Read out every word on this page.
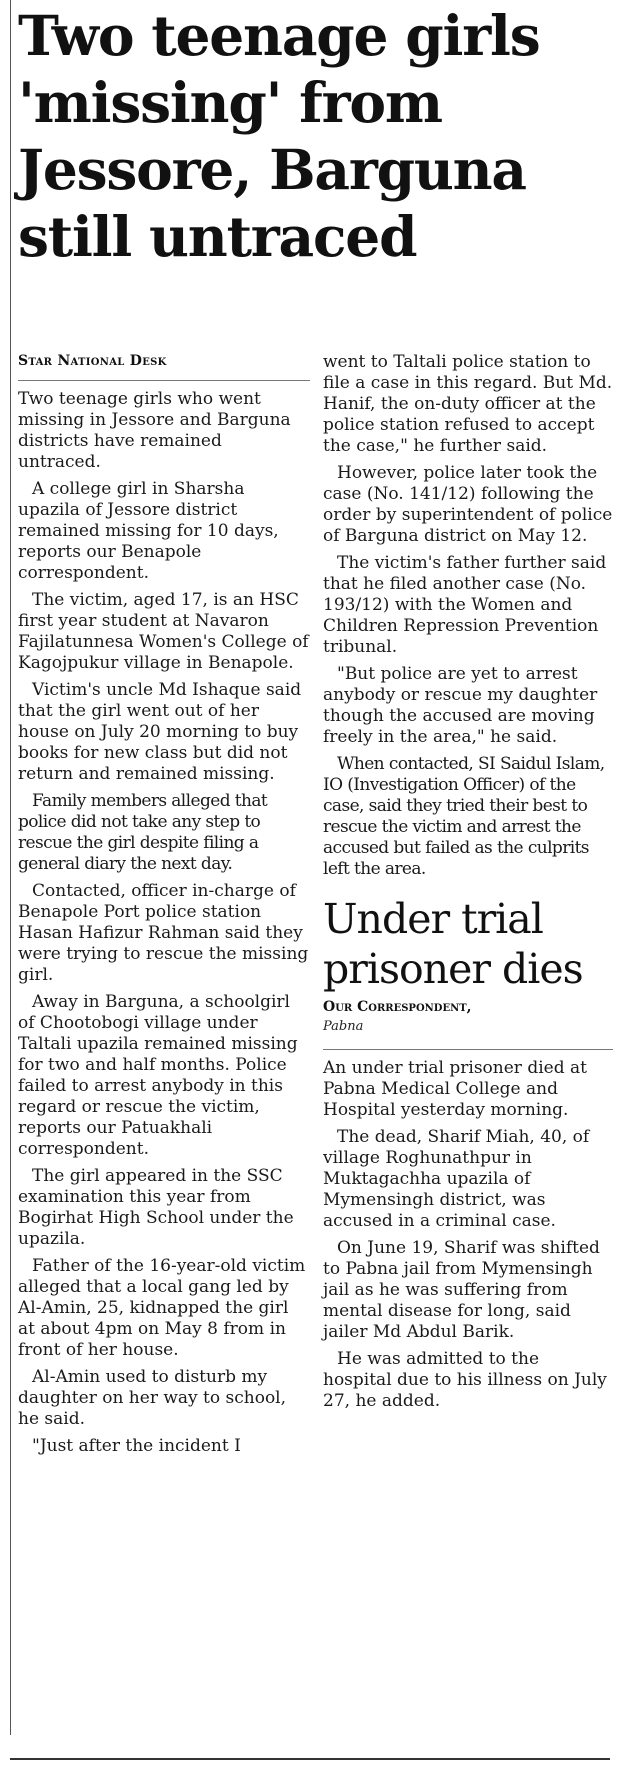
Two teenage girls
'missing' from
Jessore, Barguna
still untraced

Star National Desk

Two teenage girls who went missing in Jessore and Barguna districts have remained untraced.

A college girl in Sharsha upazila of Jessore district remained missing for 10 days, reports our Benapole correspondent.

The victim, aged 17, is an HSC first year student at Navaron Fajilatunnesa Women's College of Kagojpukur village in Benapole.

Victim's uncle Md Ishaque said that the girl went out of her house on July 20 morning to buy books for new class but did not return and remained missing.

Family members alleged that police did not take any step to rescue the girl despite filing a general diary the next day.

Contacted, officer in-charge of Benapole Port police station Hasan Hafizur Rahman said they were trying to rescue the missing girl.

Away in Barguna, a schoolgirl of Chootobogi village under Taltali upazila remained missing for two and half months. Police failed to arrest anybody in this regard or rescue the victim, reports our Patuakhali correspondent.

The girl appeared in the SSC examination this year from Bogirhat High School under the upazila.

Father of the 16-year-old victim alleged that a local gang led by Al-Amin, 25, kidnapped the girl at about 4pm on May 8 from in front of her house.

Al-Amin used to disturb my daughter on her way to school, he said.

"Just after the incident I

went to Taltali police station to file a case in this regard. But Md. Hanif, the on-duty officer at the police station refused to accept the case," he further said.

However, police later took the case (No. 141/12) following the order by superintendent of police of Barguna district on May 12.

The victim's father further said that he filed another case (No. 193/12) with the Women and Children Repression Prevention tribunal.

"But police are yet to arrest anybody or rescue my daughter though the accused are moving freely in the area," he said.

When contacted, SI Saidul Islam, IO (Investigation Officer) of the case, said they tried their best to rescue the victim and arrest the accused but failed as the culprits left the area.

Under trial
prisoner dies

Our Correspondent,

Pabna

An under trial prisoner died at Pabna Medical College and Hospital yesterday morning.

The dead, Sharif Miah, 40, of village Roghunathpur in Muktagachha upazila of Mymensingh district, was accused in a criminal case.

On June 19, Sharif was shifted to Pabna jail from Mymensingh jail as he was suffering from mental disease for long, said jailer Md Abdul Barik.

He was admitted to the hospital due to his illness on July 27, he added.
